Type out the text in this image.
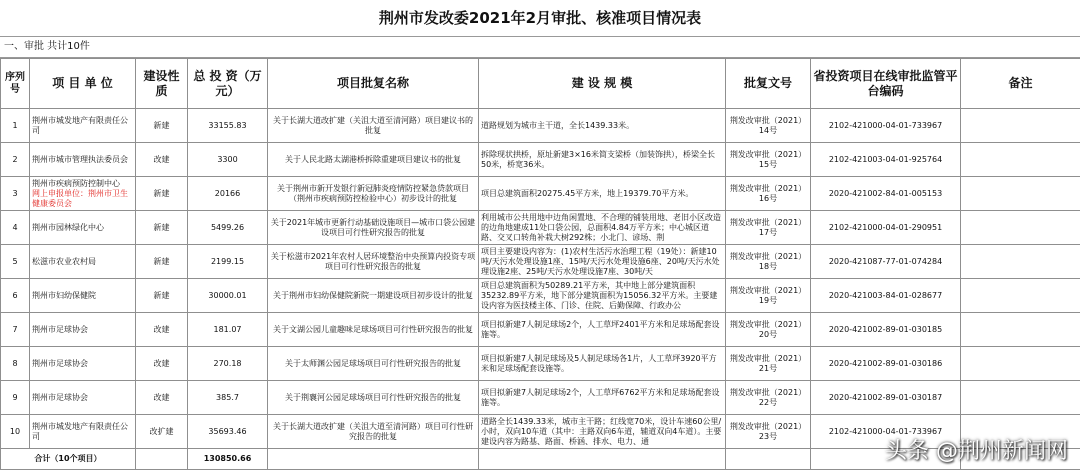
荆州市发改委2021年2月审批、核准项目情况表
一、审批 共计10件
序列号	项 目 单 位	建设性质	总 投 资（万元）	项目批复名称	建 设 规 模	批复文号	省投资项目在线审批监管平台编码	备注

1	荆州市城发地产有限责任公司	新建	33155.83	关于长湖大道改扩建（关沮大道至清河路）项目建议书的批复	道路规划为城市主干道，全长1439.33米。	荆发改审批（2021）14号	2102-421000-04-01-733967	

2	荆州市城市管理执法委员会	改建	3300	关于人民北路太湖港桥拆除重建项目建议书的批复	拆除现状拱桥，原址新建3×16米简支梁桥（加装饰拱），桥梁全长50米，桥宽36米。	荆发改审批（2021）15号	2102-421003-04-01-925764	

3	荆州市疾病预防控制中心
网上申报单位：荆州市卫生健康委员会	新建	20166	关于荆州市新开发银行新冠肺炎疫情防控紧急贷款项目（荆州市疾病预防控检验中心）初步设计的批复	项目总建筑面积20275.45平方米，地上19379.70平方米。	荆发改审批（2021）16号	2020-421002-84-01-005153	

4	荆州市园林绿化中心	新建	5499.26	关于2021年城市更新行动基础设施项目—城市口袋公园建设项目可行性研究报告的批复	利用城市公共用地中边角闲置地、不合理的铺装用地、老旧小区改造的边角地建成11处口袋公园，总面积4.84万平方米；中心城区道路、交叉口转角补栽大树292株；小北门、谚场、荆	荆发改审批（2021）17号	2102-421000-04-01-290951	

5	松滋市农业农村局	新建	2199.15	关于松滋市2021年农村人居环境整治中央预算内投资专项项目可行性研究报告的批复	项目主要建设内容为：(1)农村生活污水治理工程（19处）：新建10吨/天污水处理设施1座、15吨/天污水处理设施6座、20吨/天污水处理设施2座、25吨/天污水处理设施7座、30吨/天	荆发改审批（2021）18号	2020-421087-77-01-074284	

6	荆州市妇幼保健院	新建	30000.01	关于荆州市妇幼保健院新院一期建设项目初步设计的批复	项目总建筑面积为50289.21平方米，其中地上部分建筑面积35232.89平方米，地下部分建筑面积为15056.32平方米。主要建设内容为医技楼主体、门诊、住院、后勤保障、行政办公	荆发改审批（2021）19号	2020-421003-84-01-028677	

7	荆州市足球协会	改建	181.07	关于文湖公园儿童趣味足球场项目可行性研究报告的批复	项目拟新建7人制足球场2个，人工草坪2401平方米和足球场配套设施等。	荆发改审批（2021）20号	2020-421002-89-01-030185	

8	荆州市足球协会	改建	270.18	关于太师渊公园足球场项目可行性研究报告的批复	项目拟新建7人制足球场及5人制足球场各1片，人工草坪3920平方米和足球场配套设施等。	荆发改审批（2021）21号	2020-421002-89-01-030186	

9	荆州市足球协会	改建	385.7	关于荆襄河公园足球场项目可行性研究报告的批复	项目拟新建7人制足球场2个，人工草坪6762平方米和足球场配套设施等。	荆发改审批（2021）22号	2020-421002-89-01-030187	

10	荆州市城发地产有限责任公司	改扩建	35693.46	关于长湖大道改扩建（关沮大道至清河路）项目可行性研究报告的批复	道路全长1439.33米，城市主干路；红线宽70米，设计车速60公里/小时，双向10车道（其中：主路双向6车道，辅道双向4车道）。主要建设内容为路基、路面、桥涵、排水、电力、通	荆发改审批（2021）23号	2102-421000-04-01-733967	

合计（10个项目）			130850.66						头条 @荆州新闻网
